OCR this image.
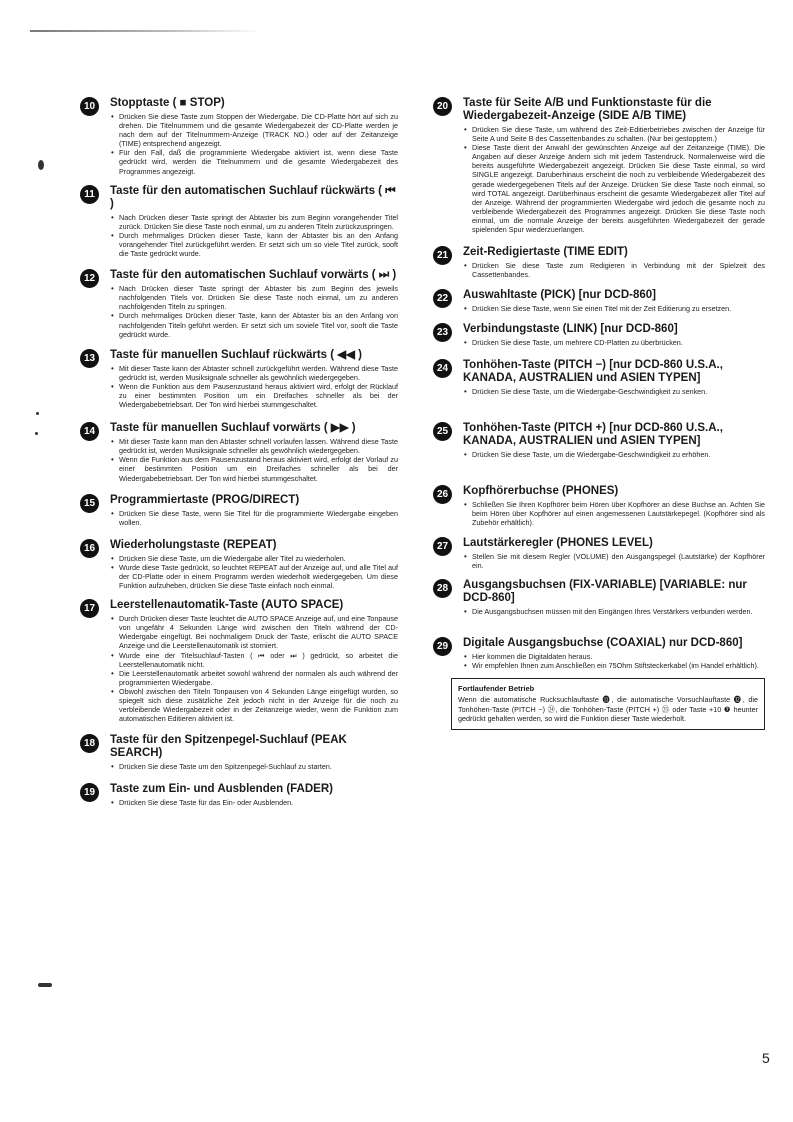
10	Stopptaste ( ■ STOP)
• Drücken Sie diese Taste zum Stoppen der Wiedergabe. Die CD-Platte hört auf sich zu drehen. Die Titelnummern und die gesamte Wiedergabezeit der CD-Platte werden je nach dem auf der Titelnummern-Anzeige (TRACK NO.) oder auf der Zeitanzeige (TIME) entsprechend angezeigt.
• Für den Fall, daß die programmierte Wiedergabe aktiviert ist, wenn diese Taste gedrückt wird, werden die Titelnummern und die gesamte Wiedergabezeit des Programmes angezeigt.
11	Taste für den automatischen Suchlauf rückwärts ( ⏮ )
• Nach Drücken dieser Taste springt der Abtaster bis zum Beginn vorangehender Titel zurück. Drücken Sie diese Taste noch einmal, um zu anderen Titeln zurückzuspringen.
• Durch mehrmaliges Drücken dieser Taste, kann der Abtaster bis an den Anfang vorangehender Titel zurückgeführt werden. Er setzt sich um so viele Titel zurück, sooft die Taste gedrückt wurde.
12	Taste für den automatischen Suchlauf vorwärts ( ⏭ )
• Nach Drücken dieser Taste springt der Abtaster bis zum Beginn des jeweils nachfolgenden Titels vor. Drücken Sie diese Taste noch einmal, um zu anderen nachfolgenden Titeln zu springen.
• Durch mehrmaliges Drücken dieser Taste, kann der Abtaster bis an den Anfang von nachfolgenden Titeln geführt werden. Er setzt sich um soviele Titel vor, sooft die Taste gedrückt wurde.
13	Taste für manuellen Suchlauf rückwärts ( ◀◀ )
• Mit dieser Taste kann der Abtaster schnell zurückgeführt werden. Während diese Taste gedrückt ist, werden Musiksignale schneller als gewöhnlich wiedergegeben.
• Wenn die Funktion aus dem Pausenzustand heraus aktiviert wird, erfolgt der Rücklauf zu einer bestimmten Position um ein Dreifaches schneller als bei der Wiedergabebetriebsart. Der Ton wird hierbei stummgeschaltet.
14	Taste für manuellen Suchlauf vorwärts ( ▶▶ )
• Mit dieser Taste kann man den Abtaster schnell vorlaufen lassen. Während diese Taste gedrückt ist, werden Musiksignale schneller als gewöhnlich wiedergegeben.
• Wenn die Funktion aus dem Pausenzustand heraus aktiviert wird, erfolgt der Vorlauf zu einer bestimmten Position um ein Dreifaches schneller als bei der Wiedergabebetriebsart. Der Ton wird hierbei stummgeschaltet.
15	Programmiertaste (PROG/DIRECT)
• Drücken Sie diese Taste, wenn Sie Titel für die programmierte Wiedergabe eingeben wollen.
16	Wiederholungstaste (REPEAT)
• Drücken Sie diese Taste, um die Wiedergabe aller Titel zu wiederholen.
• Wurde diese Taste gedrückt, so leuchtet REPEAT auf der Anzeige auf, und alle Titel auf der CD-Platte oder in einem Programm werden wiederholt wiedergegeben. Um diese Funktion aufzuheben, drücken Sie diese Taste einfach noch einmal.
17	Leerstellenautomatik-Taste (AUTO SPACE)
• Durch Drücken dieser Taste leuchtet die AUTO SPACE Anzeige auf, und eine Tonpause von ungefähr 4 Sekunden Länge wird zwischen den Titeln während der CD-Wiedergabe eingefügt. Bei nochmaligem Druck der Taste, erlischt die AUTO SPACE Anzeige und die Leerstellenautomatik ist storniert.
• Wurde eine der Titelsuchlauf-Tasten ( ⏮ oder ⏭ ) gedrückt, so arbeitet die Leerstellenautomatik nicht.
• Die Leerstellenautomatik arbeitet sowohl während der normalen als auch während der programmierten Wiedergabe.
• Obwohl zwischen den Titeln Tonpausen von 4 Sekunden Länge eingefügt wurden, so spiegelt sich diese zusätzliche Zeit jedoch nicht in der Anzeige für die noch zu verbleibende Wiedergabezeit oder in der Zeitanzeige wieder, wenn die Funktion zum automatischen Editieren aktiviert ist.
18	Taste für den Spitzenpegel-Suchlauf (PEAK SEARCH)
• Drücken Sie diese Taste um den Spitzenpegel-Suchlauf zu starten.
19	Taste zum Ein- und Ausblenden (FADER)
• Drücken Sie diese Taste für das Ein- oder Ausblenden.
20	Taste für Seite A/B und Funktionstaste für die Wiedergabezeit-Anzeige (SIDE A/B TIME)
• Drücken Sie diese Taste, um während des Zeit-Editierbetriebes zwischen der Anzeige für Seite A und Seite B des Cassettenbandes zu schalten. (Nur bei gestopptem.)
• Diese Taste dient der Anwahl der gewünschten Anzeige auf der Zeitanzeige (TIME). Die Angaben auf dieser Anzeige ändern sich mit jedem Tastendruck. Normalerweise wird die bereits ausgeführte Wiedergabezeit angezeigt. Drücken Sie diese Taste einmal, so wird SINGLE angezeigt. Daruberhinaus erscheint die noch zu verbleibende Wiedergabezeit des gerade wiedergegebenen Titels auf der Anzeige. Drücken Sie diese Taste noch einmal, so wird TOTAL angezeigt. Darüberhinaus erscheint die gesamte Wiedergabezeit aller Titel auf der Anzeige. Während der programmierten Wiedergabe wird jedoch die gesamte noch zu verbleibende Wiedergabezeit des Programmes angezeigt. Drücken Sie diese Taste noch einmal, um die normale Anzeige der bereits ausgeführten Wiedergabezeit der gerade spielenden Spur wiederzuerlangen.
21	Zeit-Redigiertaste (TIME EDIT)
• Drücken Sie diese Taste zum Redigieren in Verbindung mit der Spielzeit des Cassettenbandes.
22	Auswahltaste (PICK) [nur DCD-860]
• Drücken Sie diese Taste, wenn Sie einen Titel mit der Zeit Editierung zu ersetzen.
23	Verbindungstaste (LINK) [nur DCD-860]
• Drücken Sie diese Taste, um mehrere CD-Platten zu überbrücken.
24	Tonhöhen-Taste (PITCH −) [nur DCD-860 U.S.A., KANADA, AUSTRALIEN und ASIEN TYPEN]
• Drücken Sie diese Taste, um die Wiedergabe-Geschwindigkeit zu senken.
25	Tonhöhen-Taste (PITCH +) [nur DCD-860 U.S.A., KANADA, AUSTRALIEN und ASIEN TYPEN]
• Drücken Sie diese Taste, um die Wiedergabe-Geschwindigkeit zu erhöhen.
26	Kopfhörerbuchse (PHONES)
• Schließen Sie Ihren Kopfhörer beim Hören über Kopfhörer an diese Buchse an. Achten Sie beim Hören über Kopfhörer auf einen angemessenen Lautstärkepegel. (Kopfhörer sind als Zubehör erhältlich).
27	Lautstärkeregler (PHONES LEVEL)
• Stellen Sie mit diesem Regler (VOLUME) den Ausgangspegel (Lautstärke) der Kopfhörer ein.
28	Ausgangsbuchsen (FIX-VARIABLE) [VARIABLE: nur DCD-860]
• Die Ausgangsbuchsen müssen mit den Eingängen Ihres Verstärkers verbunden werden.
29	Digitale Ausgangsbuchse (COAXIAL) nur DCD-860]
• Hier kommen die Digitaldaten heraus.
• Wir empfehlen Ihnen zum Anschließen ein 75Ohm Stiftsteckerkabel (im Handel erhältlich).

Fortlaufender Betrieb

Wenn die automatische Rucksuchlauftaste ⓫, die automatische Vorsuchlauftaste ⓬, die Tonhöhen-Taste (PITCH −) ㉔, die Tonhöhen-Taste (PITCH +) ㉕ oder Taste +10 ❼ heunter gedrückt gehalten werden, so wird die Funktion dieser Taste wiederholt.

5
